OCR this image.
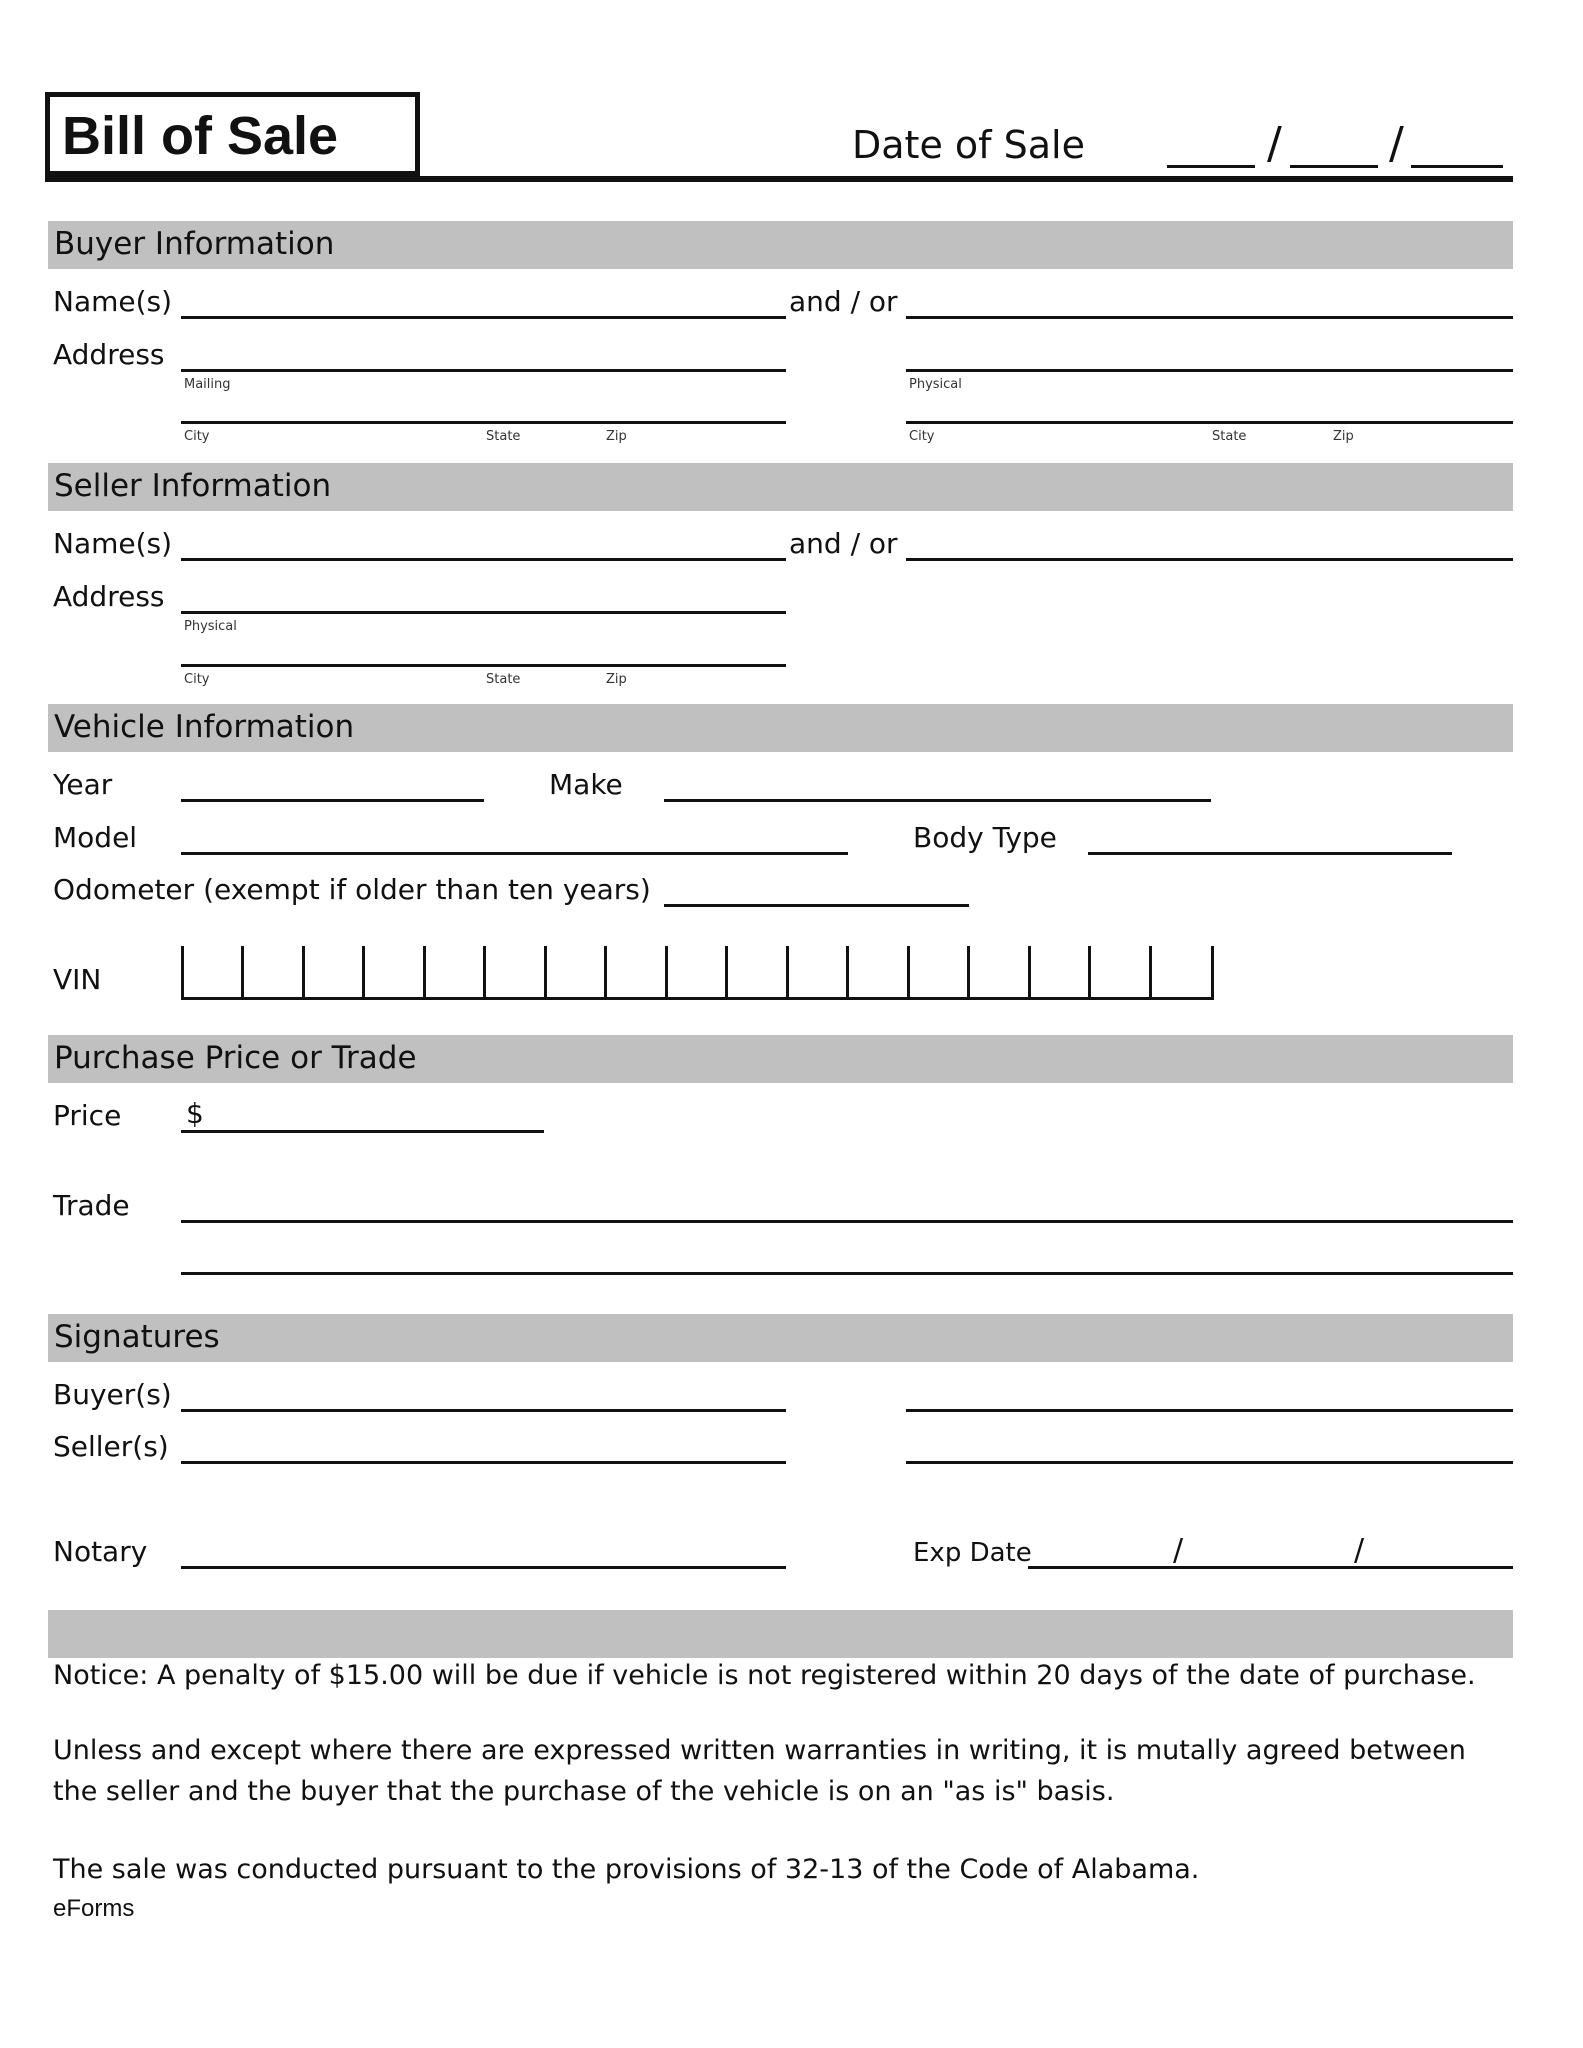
Bill of Sale	Date of Sale	/ /
Buyer Information
Name(s)	and / or
Address
Mailing	Physical
City	State	Zip	City	State	Zip
Seller Information
Name(s)	and / or
Address
Physical
City	State	Zip
Vehicle Information
Year	Make
Model	Body Type
Odometer (exempt if older than ten years)
VIN
Purchase Price or Trade
Price $
Trade
Signatures
Buyer(s)
Seller(s)
Notary	Exp Date	/	/
Notice: A penalty of $15.00 will be due if vehicle is not registered within 20 days of the date of purchase.
Unless and except where there are expressed written warranties in writing, it is mutally agreed between the seller and the buyer that the purchase of the vehicle is on an "as is" basis.
The sale was conducted pursuant to the provisions of 32-13 of the Code of Alabama.
eForms
